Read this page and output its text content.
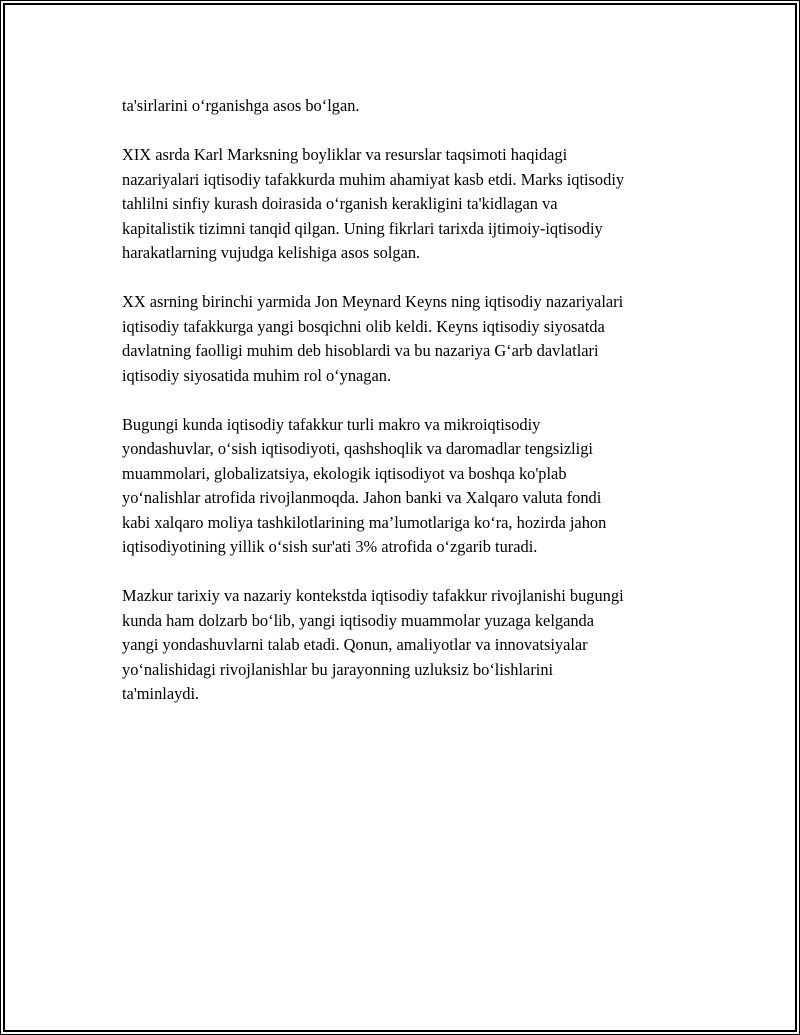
ta'sirlarini o‘rganishga asos bo‘lgan.

XIX asrda Karl Marksning boyliklar va resurslar taqsimoti haqidagi
nazariyalari iqtisodiy tafakkurda muhim ahamiyat kasb etdi. Marks iqtisodiy
tahlilni sinfiy kurash doirasida o‘rganish kerakligini ta'kidlagan va
kapitalistik tizimni tanqid qilgan. Uning fikrlari tarixda ijtimoiy-iqtisodiy
harakatlarning vujudga kelishiga asos solgan.

XX asrning birinchi yarmida Jon Meynard Keyns ning iqtisodiy nazariyalari
iqtisodiy tafakkurga yangi bosqichni olib keldi. Keyns iqtisodiy siyosatda
davlatning faolligi muhim deb hisoblardi va bu nazariya G‘arb davlatlari
iqtisodiy siyosatida muhim rol o‘ynagan.

Bugungi kunda iqtisodiy tafakkur turli makro va mikroiqtisodiy
yondashuvlar, o‘sish iqtisodiyoti, qashshoqlik va daromadlar tengsizligi
muammolari, globalizatsiya, ekologik iqtisodiyot va boshqa ko'plab
yo‘nalishlar atrofida rivojlanmoqda. Jahon banki va Xalqaro valuta fondi
kabi xalqaro moliya tashkilotlarining ma’lumotlariga ko‘ra, hozirda jahon
iqtisodiyotining yillik o‘sish sur'ati 3% atrofida o‘zgarib turadi.

Mazkur tarixiy va nazariy kontekstda iqtisodiy tafakkur rivojlanishi bugungi
kunda ham dolzarb bo‘lib, yangi iqtisodiy muammolar yuzaga kelganda
yangi yondashuvlarni talab etadi. Qonun, amaliyotlar va innovatsiyalar
yo‘nalishidagi rivojlanishlar bu jarayonning uzluksiz bo‘lishlarini
ta'minlaydi.
